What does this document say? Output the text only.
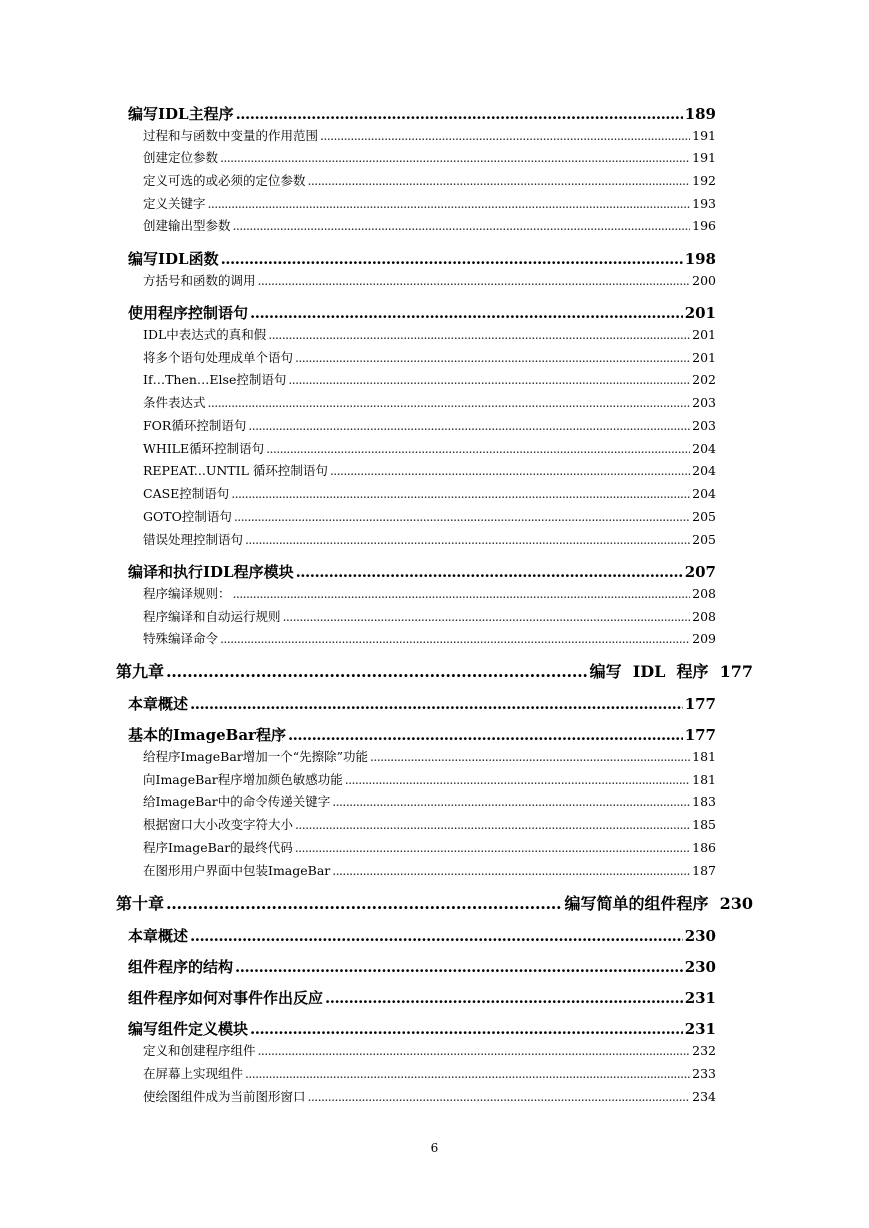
编写IDL主程序 .....	189
过程和与函数中变量的作用范围 .....	191
创建定位参数 .....	191
定义可选的或必须的定位参数 .....	192
定义关键字 .....	193
创建输出型参数 .....	196
编写IDL函数 .....	198
方括号和函数的调用 .....	200
使用程序控制语句 .....	201
IDL中表达式的真和假 .....	201
将多个语句处理成单个语句 .....	201
If…Then…Else控制语句 .....	202
条件表达式 .....	203
FOR循环控制语句 .....	203
WHILE循环控制语句 .....	204
REPEAT...UNTIL 循环控制语句 .....	204
CASE控制语句 .....	204
GOTO控制语句 .....	205
错误处理控制语句 .....	205
编译和执行IDL程序模块 .....	207
程序编译规则： .....	208
程序编译和自动运行规则 .....	208
特殊编译命令 .....	209
第九章 .....	编写  IDL  程序  177
本章概述 .....	177
基本的ImageBar程序 .....	177
给程序ImageBar增加一个“先擦除”功能 .....	181
向ImageBar程序增加颜色敏感功能 .....	181
给ImageBar中的命令传递关键字 .....	183
根据窗口大小改变字符大小 .....	185
程序ImageBar的最终代码 .....	186
在图形用户界面中包装ImageBar .....	187
第十章 .....	编写简单的组件程序  230
本章概述 .....	230
组件程序的结构 .....	230
组件程序如何对事件作出反应 .....	231
编写组件定义模块 .....	231
定义和创建程序组件 .....	232
在屏幕上实现组件 .....	233
使绘图组件成为当前图形窗口 .....	234
6
